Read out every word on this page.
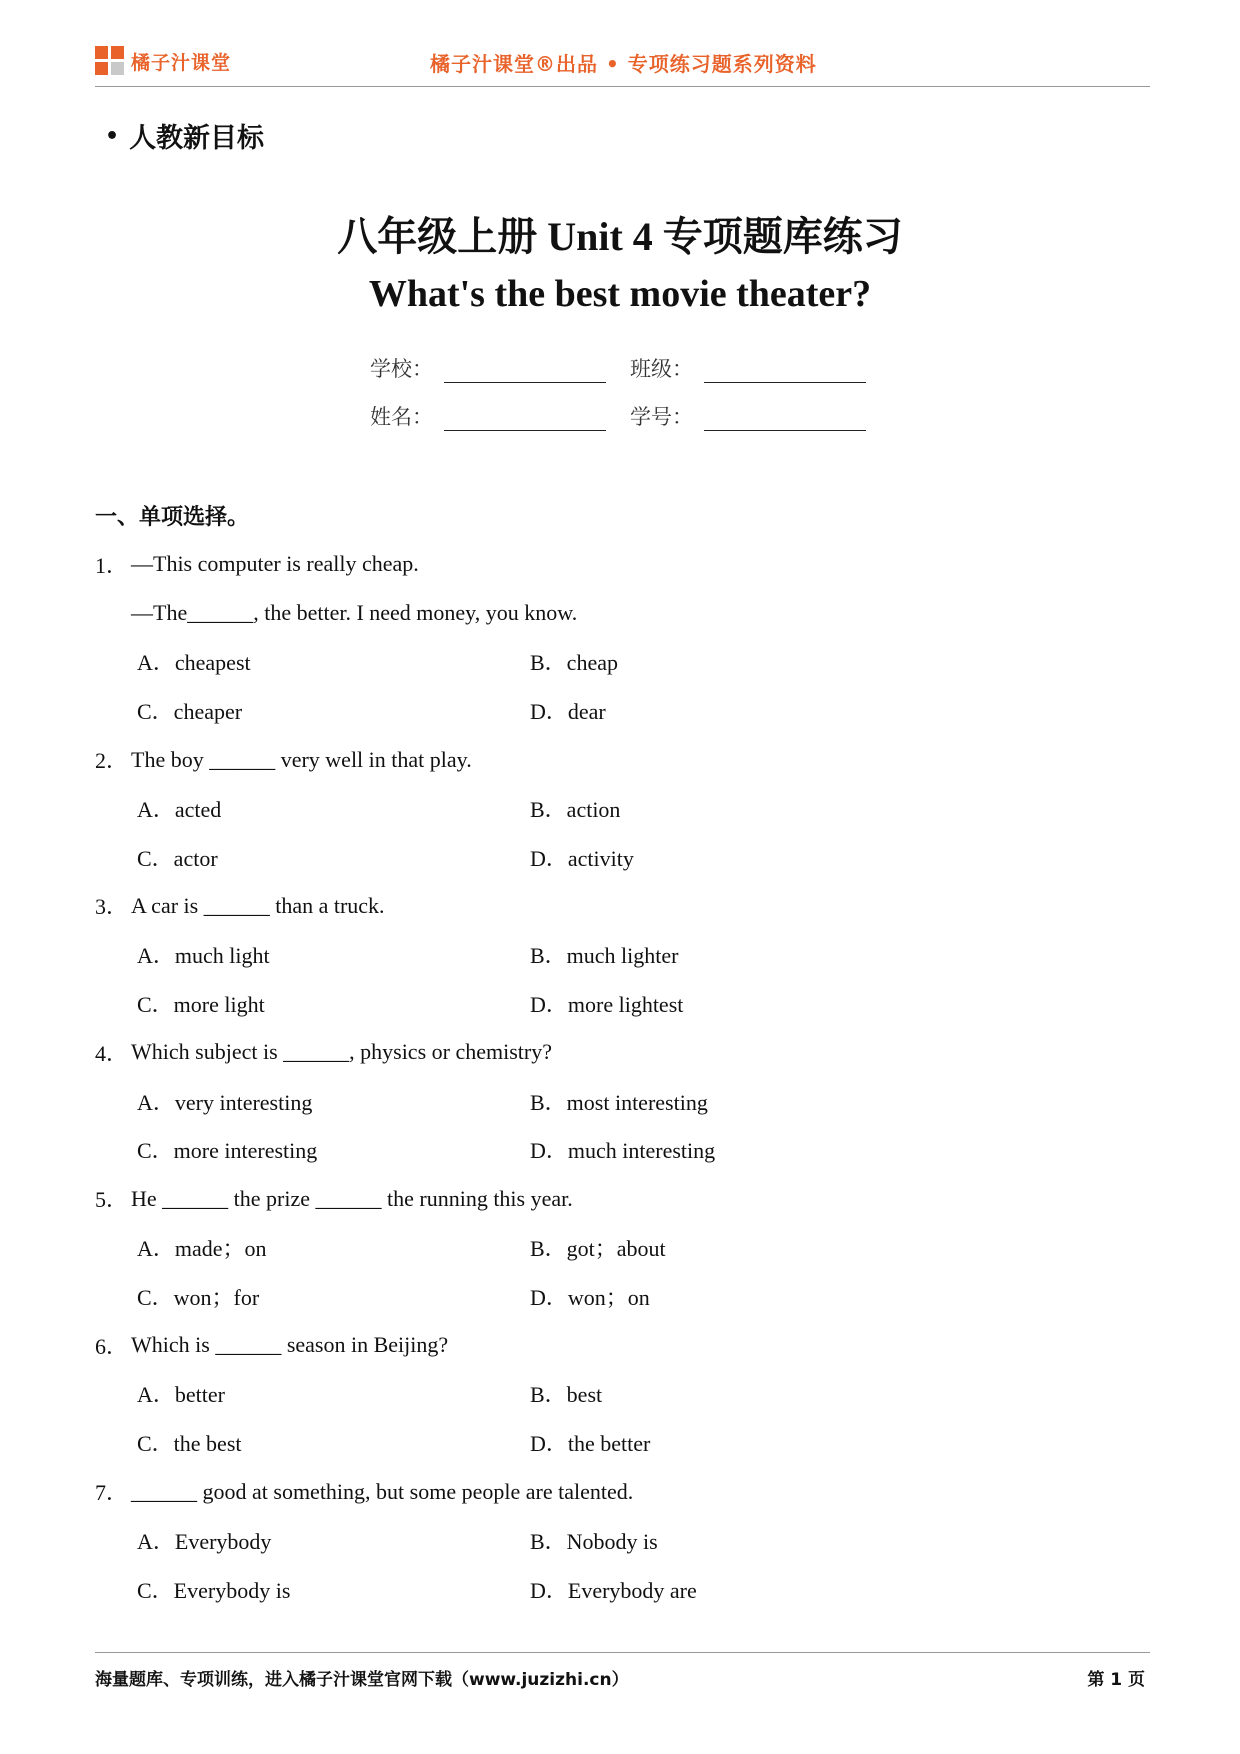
橘子汁课堂	橘子汁课堂®出品 • 专项练习题系列资料
• 人教新目标
八年级上册 Unit 4 专项题库练习
What's the best movie theater?
学校：	班级：
姓名：	学号：
一、单项选择。
1． —This computer is really cheap.
—The______, the better. I need money, you know.
A．cheapest	B．cheap
C．cheaper	D．dear
2． The boy ______ very well in that play.
A．acted	B．action
C．actor	D．activity
3． A car is ______ than a truck.
A．much light	B．much lighter
C．more light	D．more lightest
4． Which subject is ______, physics or chemistry?
A．very interesting	B．most interesting
C．more interesting	D．much interesting
5． He ______ the prize ______ the running this year.
A．made；on	B．got；about
C．won；for	D．won；on
6． Which is ______ season in Beijing?
A．better	B．best
C．the best	D．the better
7． ______ good at something, but some people are talented.
A．Everybody	B．Nobody is
C．Everybody is	D．Everybody are
海量题库、专项训练，进入橘子汁课堂官网下载（www.juzizhi.cn）	第 1 页
